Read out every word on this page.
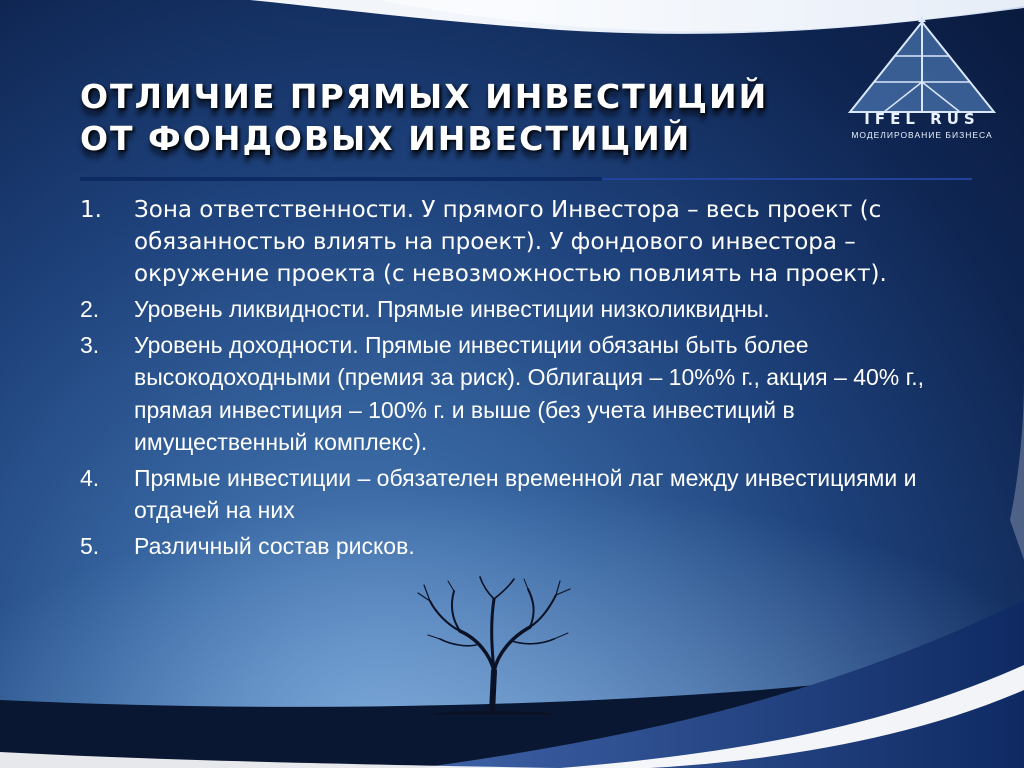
ОТЛИЧИЕ ПРЯМЫХ ИНВЕСТИЦИЙ ОТ ФОНДОВЫХ ИНВЕСТИЦИЙ	IFEL RUS
МОДЕЛИРОВАНИЕ БИЗНЕСА
1.	Зона ответственности. У прямого Инвестора – весь проект (с обязанностью влиять на проект). У фондового инвестора – окружение проекта (с невозможностью повлиять на проект).
2.	Уровень ликвидности. Прямые инвестиции низколиквидны.
3.	Уровень доходности. Прямые инвестиции обязаны быть более высокодоходными (премия за риск). Облигация – 10%% г., акция – 40% г., прямая инвестиция – 100% г. и выше (без учета инвестиций в имущественный комплекс).
4.	Прямые инвестиции – обязателен временной лаг между инвестициями и отдачей на них
5.	Различный состав рисков.
